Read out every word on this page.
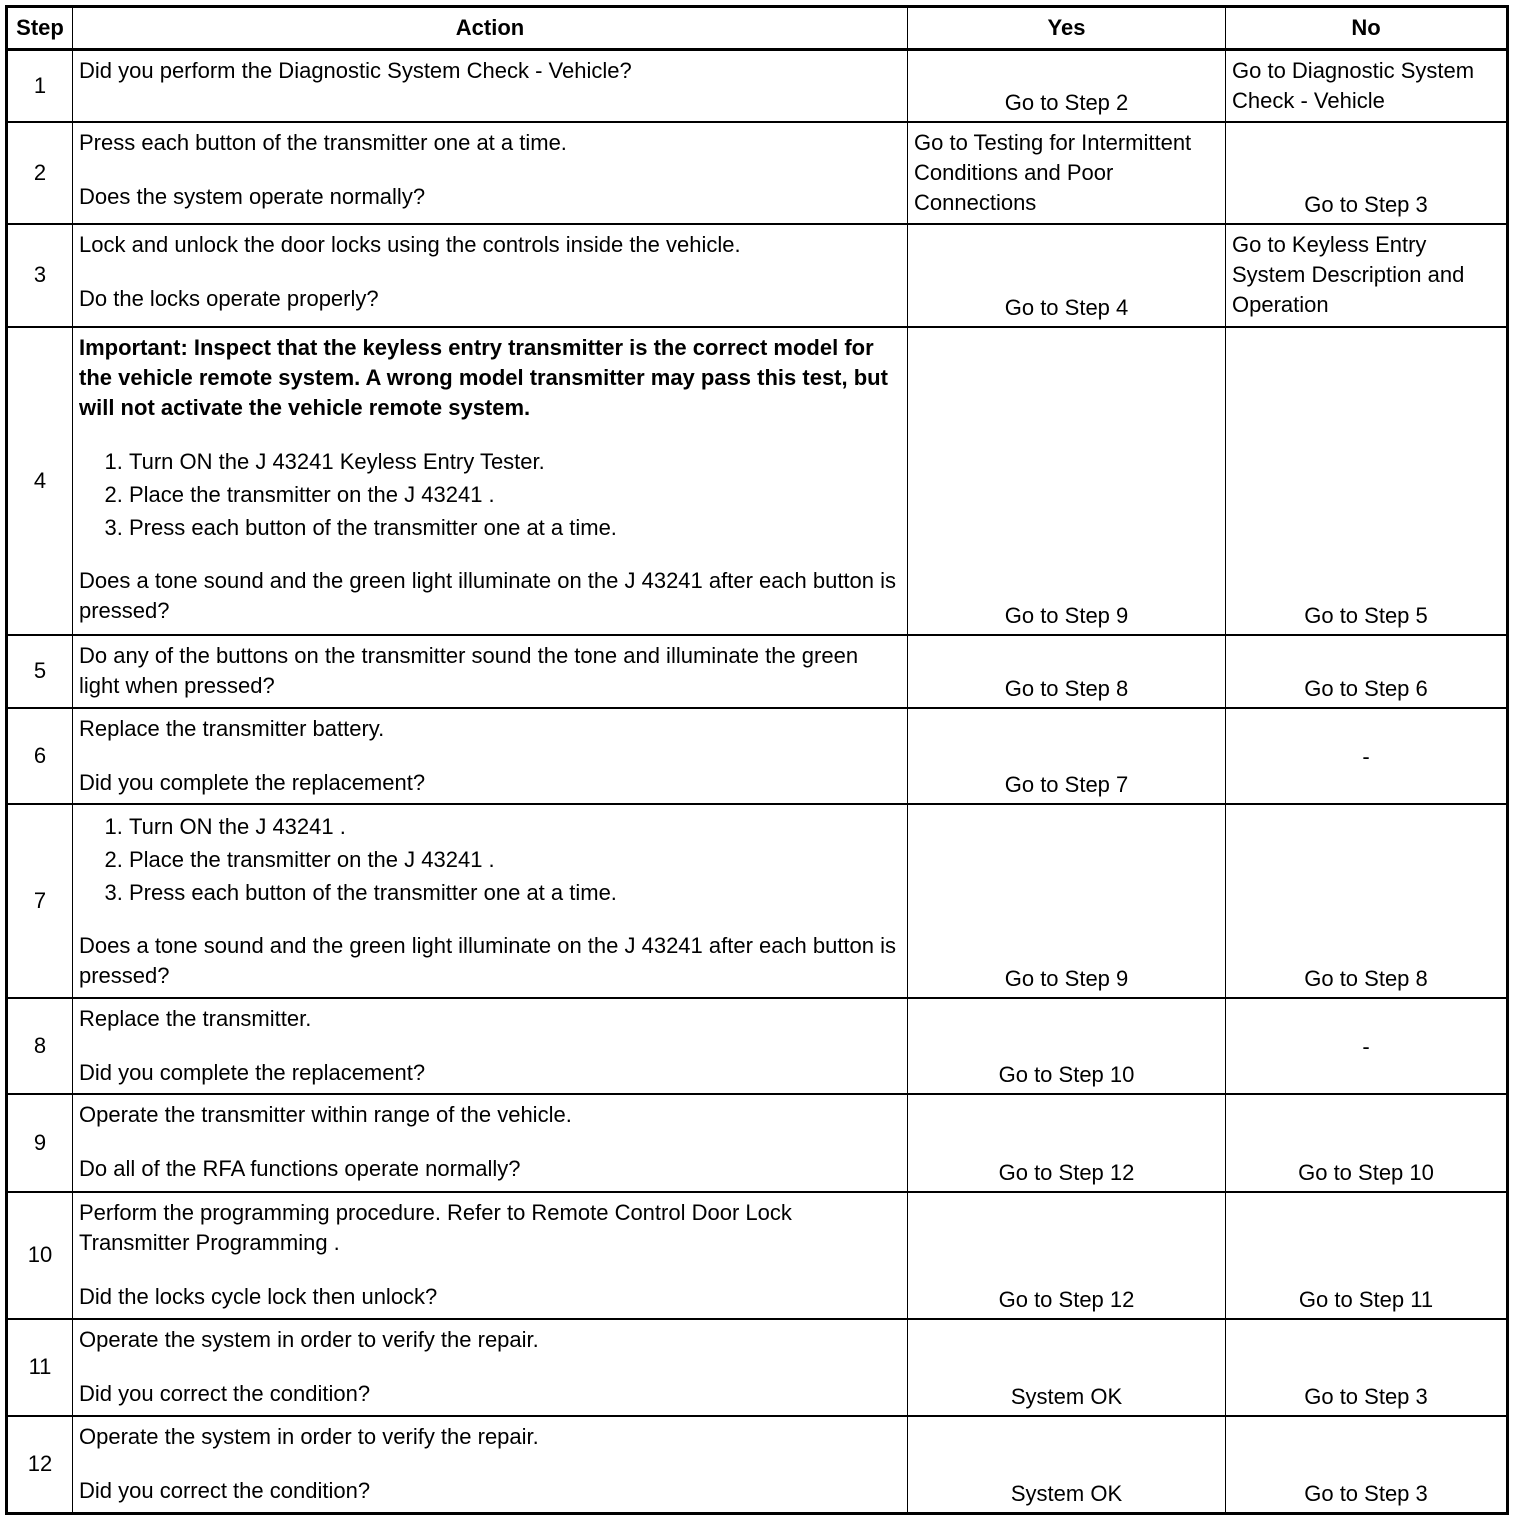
Step	Action	Yes	No
1	Did you perform the Diagnostic System Check - Vehicle?	Go to Step 2	Go to Diagnostic System Check - Vehicle
2	Press each button of the transmitter one at a time.

Does the system operate normally?	Go to Testing for Intermittent Conditions and Poor Connections	Go to Step 3
3	Lock and unlock the door locks using the controls inside the vehicle.

Do the locks operate properly?	Go to Step 4	Go to Keyless Entry System Description and Operation
4	

Important: Inspect that the keyless entry transmitter is the correct model for the vehicle remote system. A wrong model transmitter may pass this test, but will not activate the vehicle remote system.

1. Turn ON the J 43241 Keyless Entry Tester.
2. Place the transmitter on the J 43241 .
3. Press each button of the transmitter one at a time.

Does a tone sound and the green light illuminate on the J 43241 after each button is pressed?	Go to Step 9	Go to Step 5
5	Do any of the buttons on the transmitter sound the tone and illuminate the green light when pressed?	Go to Step 8	Go to Step 6
6	Replace the transmitter battery.

Did you complete the replacement?	Go to Step 7	-
7	
1. Turn ON the J 43241 .
2. Place the transmitter on the J 43241 .
3. Press each button of the transmitter one at a time.

Does a tone sound and the green light illuminate on the J 43241 after each button is pressed?	Go to Step 9	Go to Step 8
8	Replace the transmitter.

Did you complete the replacement?	Go to Step 10	-
9	Operate the transmitter within range of the vehicle.

Do all of the RFA functions operate normally?	Go to Step 12	Go to Step 10
10	Perform the programming procedure. Refer to Remote Control Door Lock Transmitter Programming .

Did the locks cycle lock then unlock?	Go to Step 12	Go to Step 11
11	Operate the system in order to verify the repair.

Did you correct the condition?	System OK	Go to Step 3
12	Operate the system in order to verify the repair.

Did you correct the condition?	System OK	Go to Step 3
